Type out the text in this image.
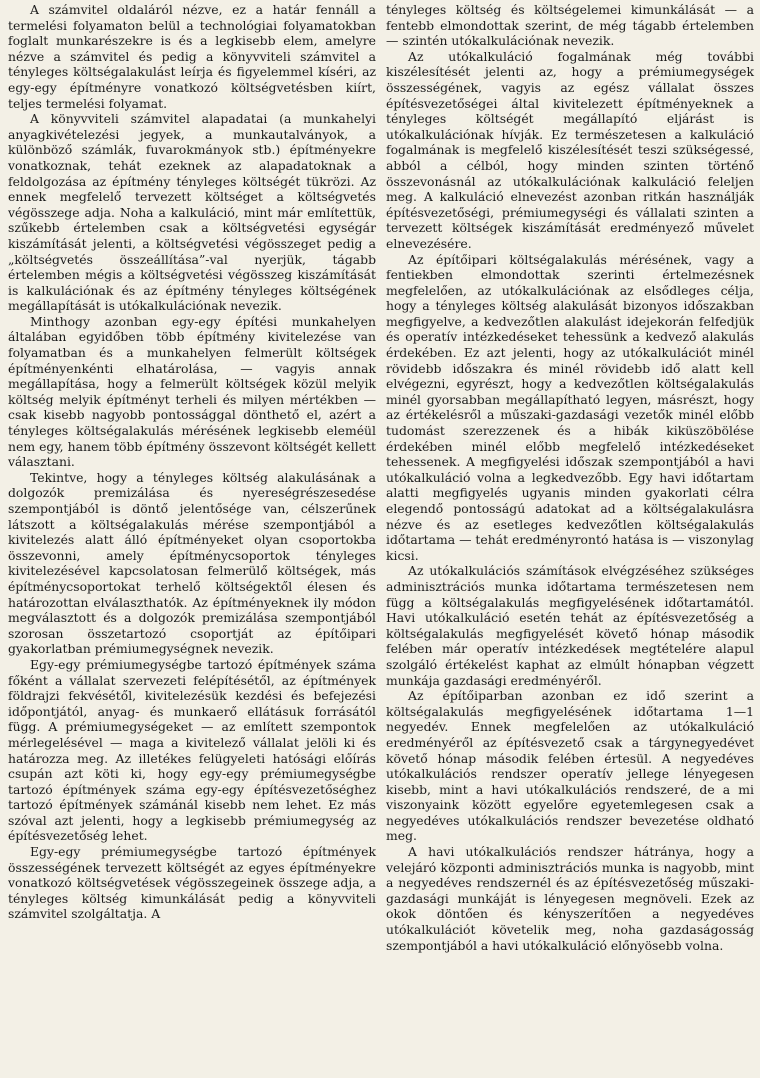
A számvitel oldaláról nézve, ez a határ fennáll a termelési folyamaton belül a technológiai folyamatokban foglalt munkarészekre is és a legkisebb elem, amelyre nézve a számvitel és pedig a könyvviteli számvitel a tényleges költségalakulást leírja és figyelemmel kíséri, az egy-egy építményre vonatkozó költségvetésben kiírt, teljes termelési folyamat.

A könyvviteli számvitel alapadatai (a munkahelyi anyagkivételezési jegyek, a munkautalványok, a különböző számlák, fuvarokmányok stb.) építményekre vonatkoznak, tehát ezeknek az alapadatoknak a feldolgozása az építmény tényleges költségét tükrözi. Az ennek megfelelő tervezett költséget a költségvetés végösszege adja. Noha a kalkuláció, mint már említettük, szűkebb értelemben csak a költségvetési egységár kiszámítását jelenti, a költségvetési végösszeget pedig a „költségvetés összeállítása”-val nyerjük, tágabb értelemben mégis a költségvetési végösszeg kiszámítását is kalkulációnak és az építmény tényleges költségének megállapítását is utókalkulációnak nevezik.

Minthogy azonban egy-egy építési munkahelyen általában egyidőben több építmény kivitelezése van folyamatban és a munkahelyen felmerült költségek építményenkénti elhatárolása, — vagyis annak megállapítása, hogy a felmerült költségek közül melyik költség melyik építményt terheli és milyen mértékben — csak kisebb nagyobb pontossággal dönthető el, azért a tényleges költségalakulás mérésének legkisebb eleméül nem egy, hanem több építmény összevont költségét kellett választani.

Tekintve, hogy a tényleges költség alakulásának a dolgozók premizálása és nyereségrészesedése szempontjából is döntő jelentősége van, célszerűnek látszott a költségalakulás mérése szempontjából a kivitelezés alatt álló építményeket olyan csoportokba összevonni, amely építménycsoportok tényleges kivitelezésével kapcsolatosan felmerülő költségek, más építménycsoportokat terhelő költségektől élesen és határozottan elválaszthatók. Az építményeknek ily módon megválasztott és a dolgozók premizálása szempontjából szorosan összetartozó csoportját az építőipari gyakorlatban prémiumegységnek nevezik.

Egy-egy prémiumegységbe tartozó építmények száma főként a vállalat szervezeti felépítésétől, az építmények földrajzi fekvésétől, kivitelezésük kezdési és befejezési időpontjától, anyag- és munkaerő ellátásuk forrásától függ. A prémiumegységeket — az említett szempontok mérlegelésével — maga a kivitelező vállalat jelöli ki és határozza meg. Az illetékes felügyeleti hatósági előírás csupán azt köti ki, hogy egy-egy prémiumegységbe tartozó építmények száma egy-egy építésvezetőséghez tartozó építmények számánál kisebb nem lehet. Ez más szóval azt jelenti, hogy a legkisebb prémiumegység az építésvezetőség lehet.

Egy-egy prémiumegységbe tartozó építmények összességének tervezett költségét az egyes építményekre vonatkozó költségvetések végösszegeinek összege adja, a tényleges költség kimunkálását pedig a könyvviteli számvitel szolgáltatja. A

tényleges költség és költségelemei kimunkálását — a fentebb elmondottak szerint, de még tágabb értelemben — szintén utókalkulációnak nevezik.

Az utókalkuláció fogalmának még további kiszélesítését jelenti az, hogy a prémiumegységek összességének, vagyis az egész vállalat összes építésvezetőségei által kivitelezett építményeknek a tényleges költségét megállapító eljárást is utókalkulációnak hívják. Ez természetesen a kalkuláció fogalmának is megfelelő kiszélesítését teszi szükségessé, abból a célból, hogy minden szinten történő összevonásnál az utókalkulációnak kalkuláció feleljen meg. A kalkuláció elnevezést azonban ritkán használják építésvezetőségi, prémiumegységi és vállalati szinten a tervezett költségek kiszámítását eredményező művelet elnevezésére.

Az építőipari költségalakulás mérésének, vagy a fentiekben elmondottak szerinti értelmezésnek megfelelően, az utókalkulációnak az elsődleges célja, hogy a tényleges költség alakulását bizonyos időszakban megfigyelve, a kedvezőtlen alakulást idejekorán felfedjük és operatív intézkedéseket tehessünk a kedvező alakulás érdekében. Ez azt jelenti, hogy az utókalkulációt minél rövidebb időszakra és minél rövidebb idő alatt kell elvégezni, egyrészt, hogy a kedvezőtlen költségalakulás minél gyorsabban megállapítható legyen, másrészt, hogy az értékelésről a műszaki-gazdasági vezetők minél előbb tudomást szerezzenek és a hibák kiküszöbölése érdekében minél előbb megfelelő intézkedéseket tehessenek. A megfigyelési időszak szempontjából a havi utókalkuláció volna a legkedvezőbb. Egy havi időtartam alatti megfigyelés ugyanis minden gyakorlati célra elegendő pontosságú adatokat ad a költségalakulásra nézve és az esetleges kedvezőtlen költségalakulás időtartama — tehát eredményrontó hatása is — viszonylag kicsi.

Az utókalkulációs számítások elvégzéséhez szükséges adminisztrációs munka időtartama természetesen nem függ a költségalakulás megfigyelésének időtartamától. Havi utókalkuláció esetén tehát az építésvezetőség a költségalakulás megfigyelését követő hónap második felében már operatív intézkedések megtételére alapul szolgáló értékelést kaphat az elmúlt hónapban végzett munkája gazdasági eredményéről.

Az építőiparban azonban ez idő szerint a költségalakulás megfigyelésének időtartama 1—1 negyedév. Ennek megfelelően az utókalkuláció eredményéről az építésvezető csak a tárgynegyedévet követő hónap második felében értesül. A negyedéves utókalkulációs rendszer operatív jellege lényegesen kisebb, mint a havi utókalkulációs rendszeré, de a mi viszonyaink között egyelőre egyetemlegesen csak a negyedéves utókalkulációs rendszer bevezetése oldható meg.

A havi utókalkulációs rendszer hátránya, hogy a velejáró központi adminisztrációs munka is nagyobb, mint a negyedéves rendszernél és az építésvezetőség műszaki-gazdasági munkáját is lényegesen megnöveli. Ezek az okok döntően és kényszerítően a negyedéves utókalkulációt követelik meg, noha gazdaságosság szempontjából a havi utókalkuláció előnyösebb volna.
